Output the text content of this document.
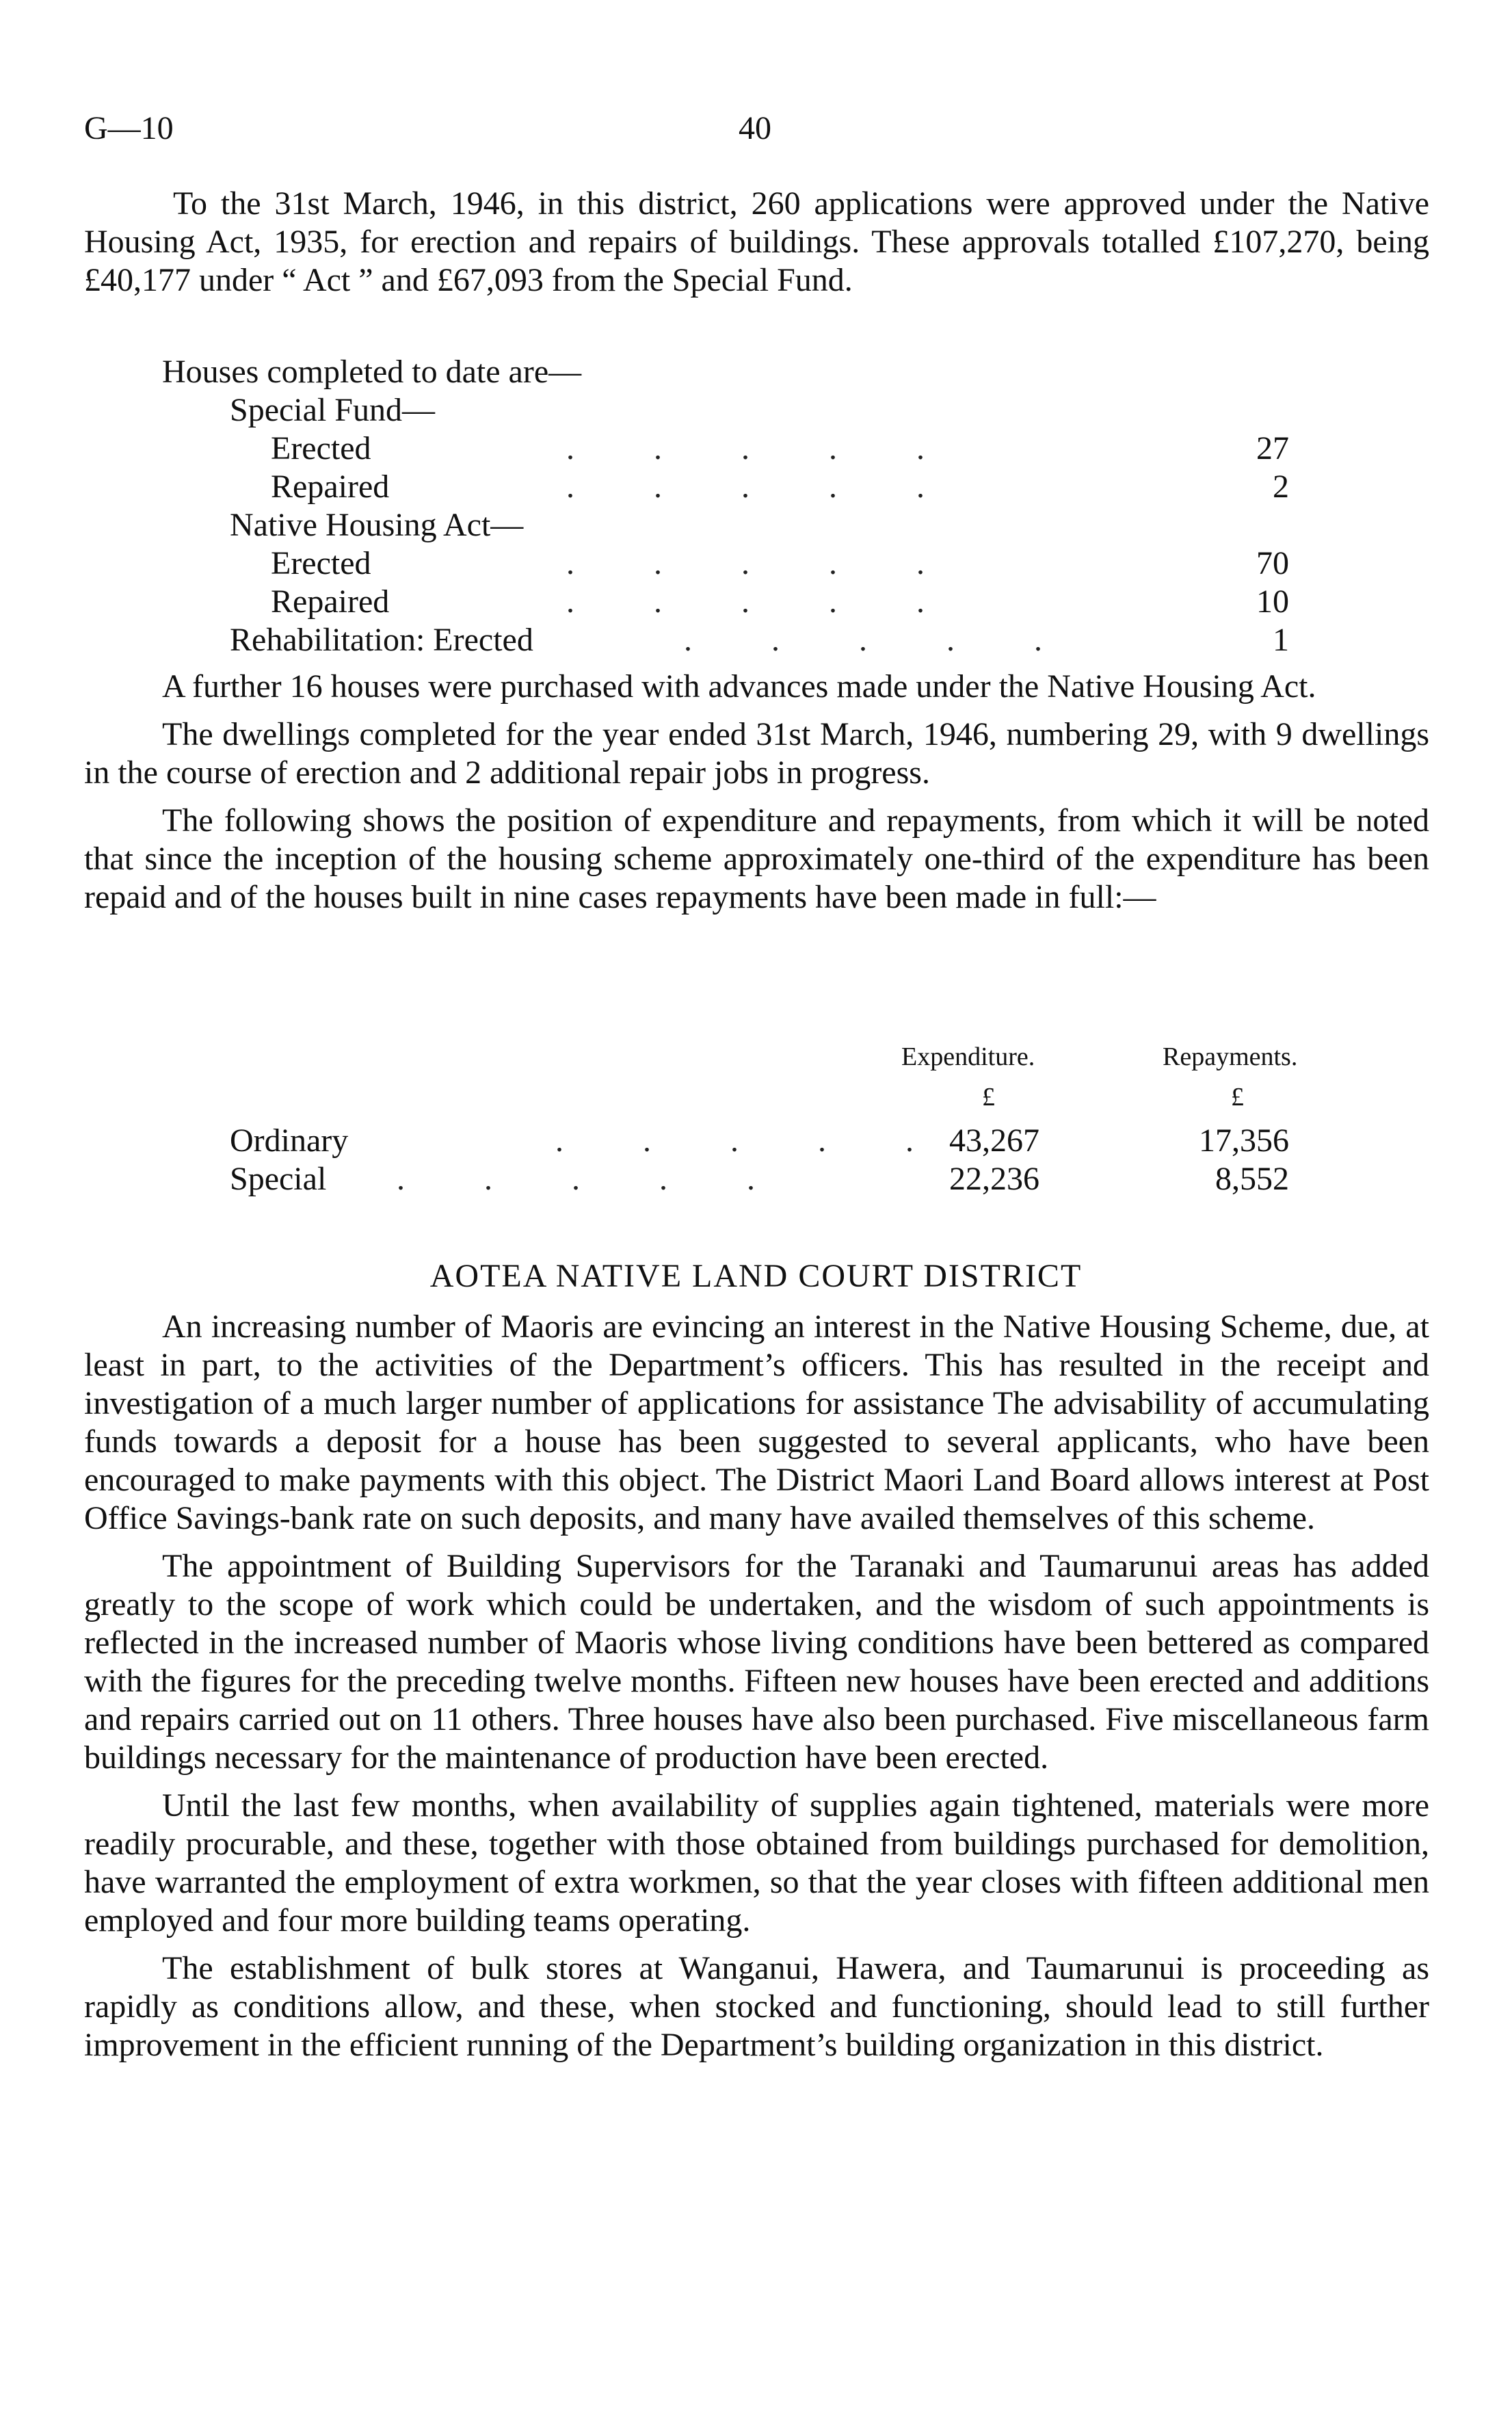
G—10	40

To the 31st March, 1946, in this district, 260 applications were approved under the Native Housing Act, 1935, for erection and repairs of buildings. These approvals totalled £107,270, being £40,177 under “ Act ” and £67,093 from the Special Fund.

Houses completed to date are—
Special Fund—
Erected	. . . . .	27
Repaired	. . . . .	2
Native Housing Act—
Erected	. . . . .	70
Repaired	. . . . .	10
Rehabilitation: Erected	. . . . .	1

A further 16 houses were purchased with advances made under the Native Housing Act.

The dwellings completed for the year ended 31st March, 1946, numbering 29, with 9 dwellings in the course of erection and 2 additional repair jobs in progress.

The following shows the position of expenditure and repayments, from which it will be noted that since the inception of the housing scheme approximately one-third of the expenditure has been repaid and of the houses built in nine cases repayments have been made in full:—

Expenditure.	Repayments.
£	£
Ordinary	. . . . . 43,267	17,356
Special . . . . .	22,236	8,552
AOTEA NATIVE LAND COURT DISTRICT

An increasing number of Maoris are evincing an interest in the Native Housing Scheme, due, at least in part, to the activities of the Department’s officers. This has resulted in the receipt and investigation of a much larger number of applications for assistance The advisability of accumulating funds towards a deposit for a house has been suggested to several applicants, who have been encouraged to make payments with this object. The District Maori Land Board allows interest at Post Office Savings-bank rate on such deposits, and many have availed themselves of this scheme.

The appointment of Building Supervisors for the Taranaki and Taumarunui areas has added greatly to the scope of work which could be undertaken, and the wisdom of such appointments is reflected in the increased number of Maoris whose living conditions have been bettered as compared with the figures for the preceding twelve months. Fifteen new houses have been erected and additions and repairs carried out on 11 others. Three houses have also been purchased. Five miscellaneous farm buildings necessary for the maintenance of production have been erected.

Until the last few months, when availability of supplies again tightened, materials were more readily procurable, and these, together with those obtained from buildings purchased for demolition, have warranted the employment of extra workmen, so that the year closes with fifteen additional men employed and four more building teams operating.

The establishment of bulk stores at Wanganui, Hawera, and Taumarunui is proceeding as rapidly as conditions allow, and these, when stocked and functioning, should lead to still further improvement in the efficient running of the Department’s building organization in this district.
